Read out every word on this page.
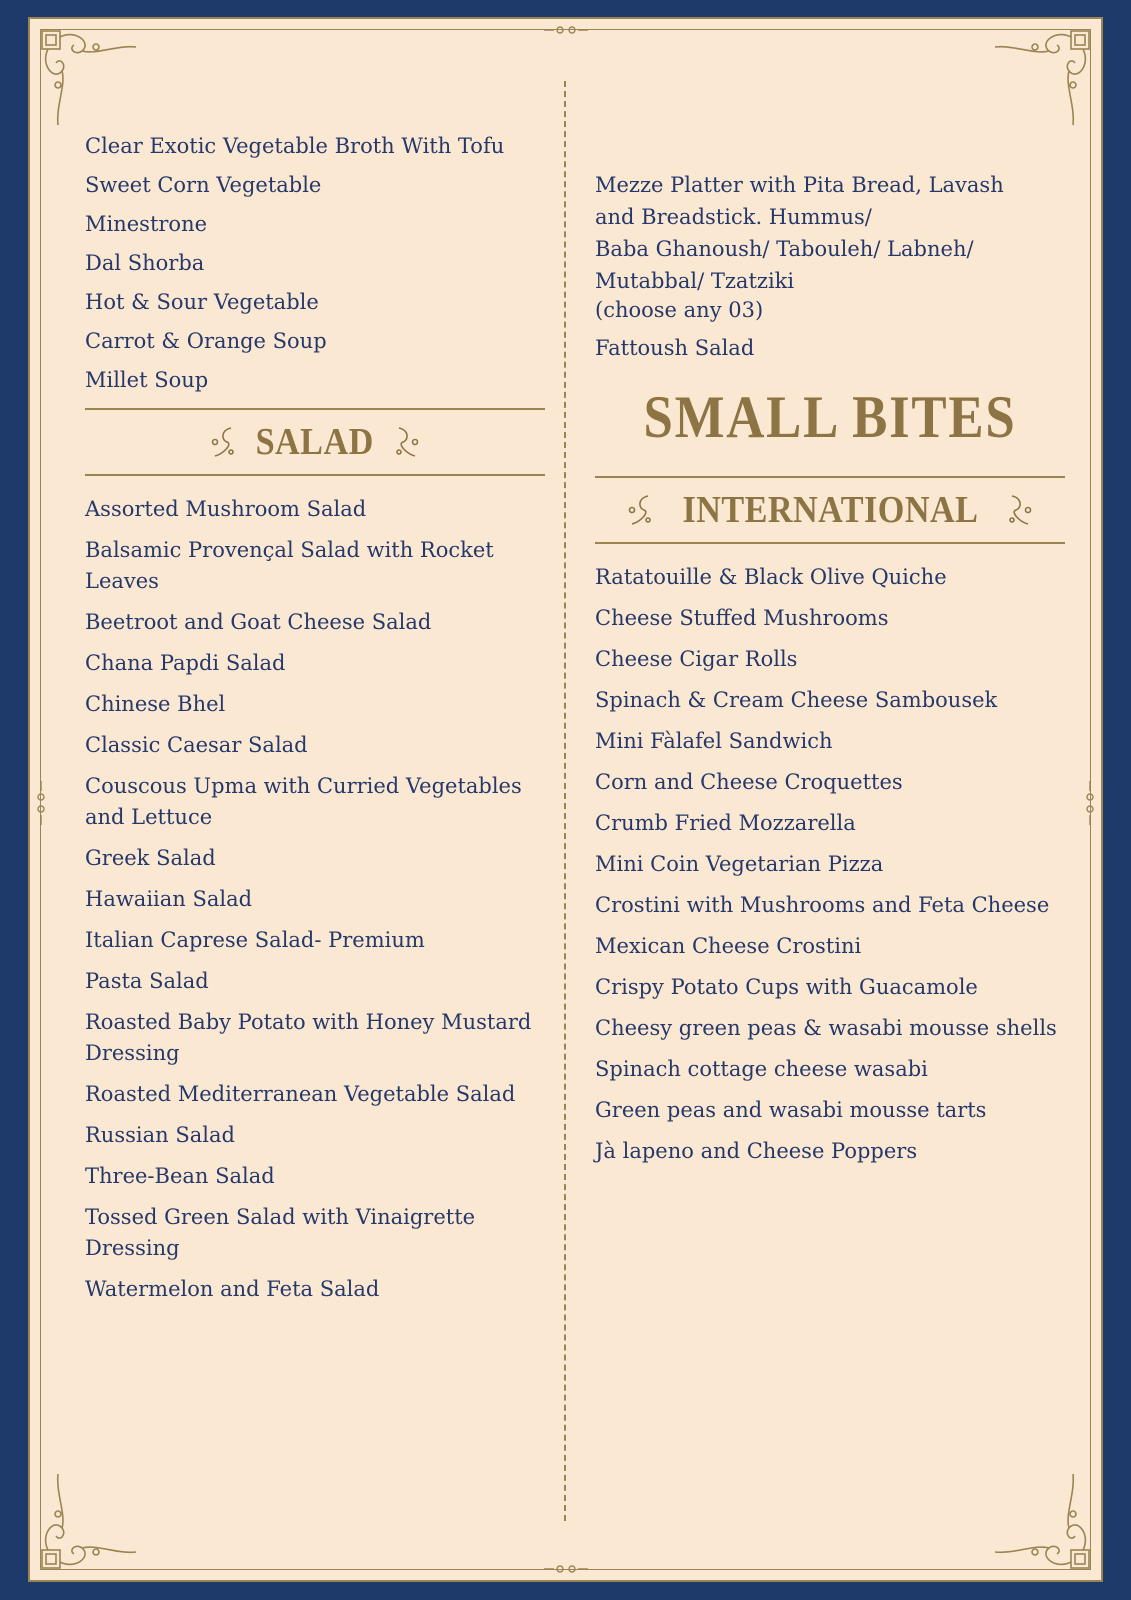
Clear Exotic Vegetable Broth With Tofu
Sweet Corn Vegetable
Minestrone
Dal Shorba
Hot & Sour Vegetable
Carrot & Orange Soup
Millet Soup
SALAD
Assorted Mushroom Salad
Balsamic Provençal Salad with Rocket Leaves
Beetroot and Goat Cheese Salad
Chana Papdi Salad
Chinese Bhel
Classic Caesar Salad
Couscous Upma with Curried Vegetables and Lettuce
Greek Salad
Hawaiian Salad
Italian Caprese Salad- Premium
Pasta Salad
Roasted Baby Potato with Honey Mustard Dressing
Roasted Mediterranean Vegetable Salad
Russian Salad
Three-Bean Salad
Tossed Green Salad with Vinaigrette Dressing
Watermelon and Feta Salad
Mezze Platter with Pita Bread, Lavash
and Breadstick. Hummus/
Baba Ghanoush/ Tabouleh/ Labneh/
Mutabbal/ Tzatziki
(choose any 03)
Fattoush Salad
SMALL BITES
INTERNATIONAL
Ratatouille & Black Olive Quiche
Cheese Stuffed Mushrooms
Cheese Cigar Rolls
Spinach & Cream Cheese Sambousek
Mini Fàlafel Sandwich
Corn and Cheese Croquettes
Crumb Fried Mozzarella
Mini Coin Vegetarian Pizza
Crostini with Mushrooms and Feta Cheese
Mexican Cheese Crostini
Crispy Potato Cups with Guacamole
Cheesy green peas & wasabi mousse shells
Spinach cottage cheese wasabi
Green peas and wasabi mousse tarts
Jà lapeno and Cheese Poppers
